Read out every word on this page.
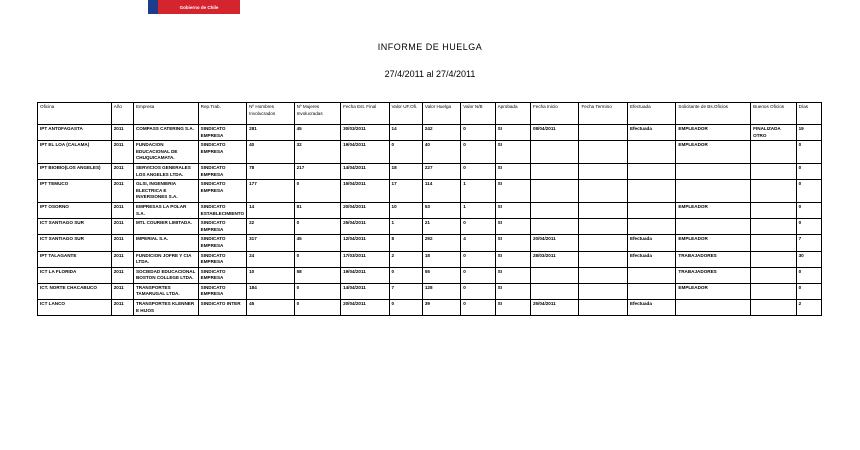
Gobierno de Chile
INFORME DE HUELGA
27/4/2011 al 27/4/2011
Oficina	Año	Empresa	Rep.Trab.	Nº Hombres Involucrados	Nº Mujeres Involucradas	Fecha Est. Final	Valor UF.Ofi.	Valor Huelga	Valor N/B	Aprobada	Fecha Inicio	Fecha Termino	Efectuada	Solicitante de Bs.Oficios	Buenos Oficios	Días
IPT ANTOFAGASTA	2011	COMPASS CATERING S.A.	SINDICATO EMPRESA	281	45	30/03/2011	14	242	0	SI	08/04/2011		Efectuada	EMPLEADOR	FINALIZADA OTRO	19
IPT EL LOA (CALAMA)	2011	FUNDACION EDUCACIONAL DE CHUQUICAMATA.	SINDICATO EMPRESA	40	32	19/04/2011	0	40	0	SI				EMPLEADOR		0
IPT BIOBIO(LOS ANGELES)	2011	SERVICIOS GENERALES LOS ANGELES LTDA.	SINDICATO EMPRESA	78	217	14/04/2011	18	227	0	SI						0
IPT TEMUCO	2011	GLSI, INGENIERIA ELECTRICA E INVERSIONES S.A.	SINDICATO EMPRESA	177	0	15/04/2011	17	114	1	SI						0
IPT OSORNO	2011	EMPRESAS LA POLAR S.A.	SINDICATO ESTABLECIMIENTO	14	81	20/04/2011	10	53	1	SI				EMPLEADOR		0
ICT SANTIAGO SUR	2011	MTL COURIER LIMITADA.	SINDICATO EMPRESA	22	0	25/04/2011	1	21	0	SI						0
ICT SANTIAGO SUR	2011	IMPERIAL S.A.	SINDICATO EMPRESA	317	45	12/04/2011	8	292	4	SI	20/04/2011		Efectuada	EMPLEADOR		7
IPT TALAGANTE	2011	FUNDICION JOFRE Y CIA LTDA.	SINDICATO EMPRESA	24	0	17/03/2011	2	18	0	SI	28/03/2011		Efectuada	TRABAJADORES		30
ICT LA FLORIDA	2011	SOCIEDAD EDUCACIONAL BOSTON COLLEGE LTDA.	SINDICATO EMPRESA	10	58	19/04/2011	0	55	0	SI				TRABAJADORES		0
ICT. NORTE CHACABUCO	2011	TRANSPORTES TAMARUGAL LTDA.	SINDICATO EMPRESA	184	0	14/04/2011	7	128	0	SI				EMPLEADOR		0
ICT LANCO	2011	TRANSPORTES KLENNER E HIJOS	SINDICATO INTER	45	0	20/04/2011	0	39	0	SI	25/04/2011		Efectuada			2
